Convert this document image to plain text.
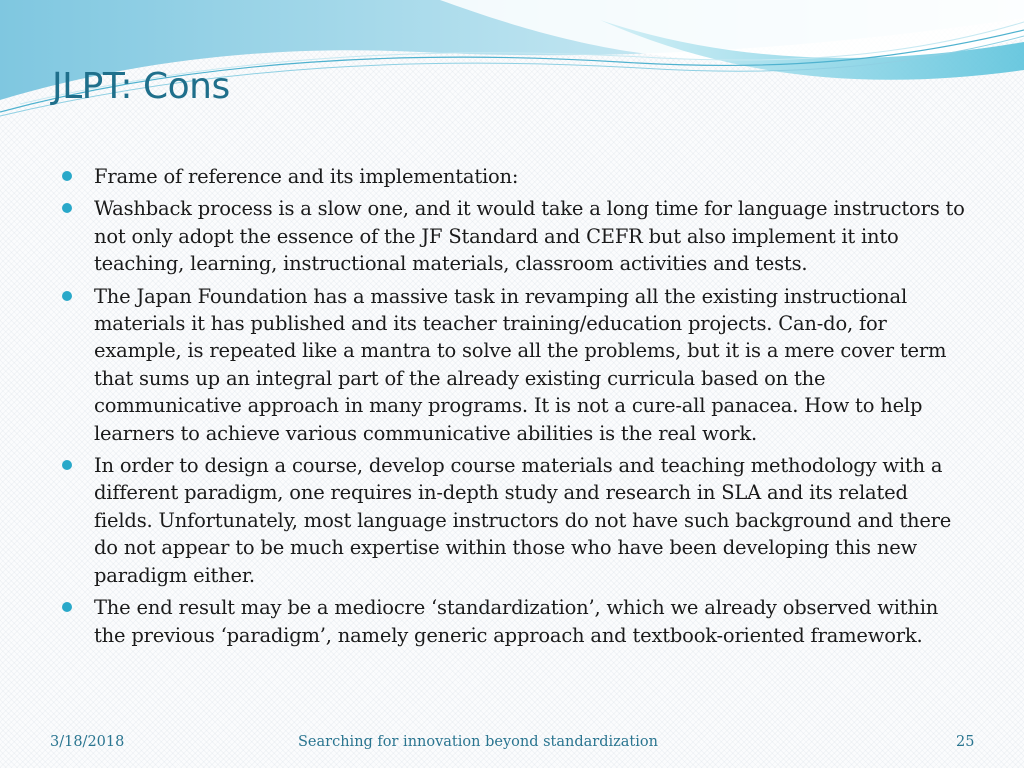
JLPT: Cons
Frame of reference and its implementation:
Washback process is a slow one, and it would take a long time for language instructors to not only adopt the essence of the JF Standard and CEFR but also implement it into teaching, learning, instructional materials, classroom activities and tests.
The Japan Foundation has a massive task in revamping all the existing instructional materials it has published and its teacher training/education projects. Can-do, for example, is repeated like a mantra to solve all the problems, but it is a mere cover term that sums up an integral part of the already existing curricula based on the communicative approach in many programs. It is not a cure-all panacea. How to help learners to achieve various communicative abilities is the real work.
In order to design a course, develop course materials and teaching methodology with a different paradigm, one requires in-depth study and research in SLA and its related fields. Unfortunately, most language instructors do not have such background and there do not appear to be much expertise within those who have been developing this new paradigm either.
The end result may be a mediocre ‘standardization’, which we already observed within the previous ‘paradigm’, namely generic approach and textbook-oriented framework.
3/18/2018	Searching for innovation beyond standardization	25
